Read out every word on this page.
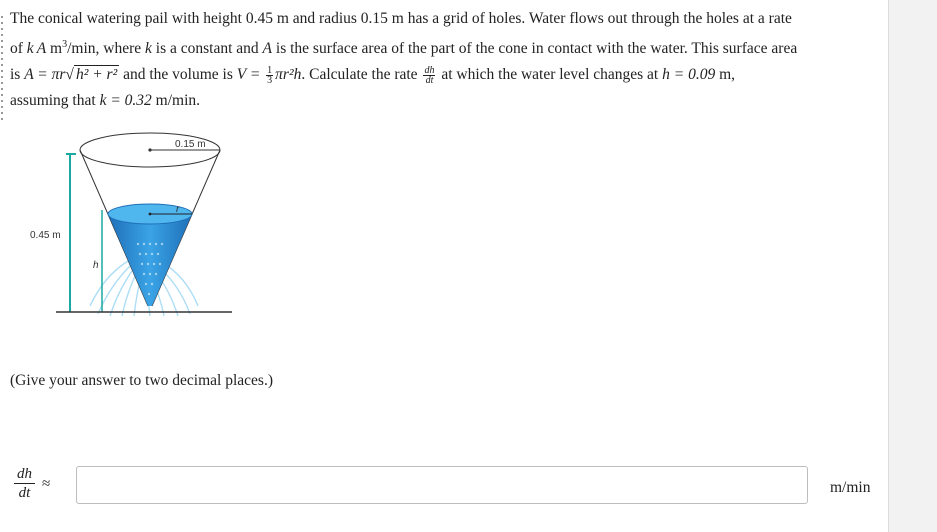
The conical watering pail with height 0.45 m and radius 0.15 m has a grid of holes. Water flows out through the holes at a rate
of k A $m^3/\min$, where k is a constant and A is the surface area of the part of the cone in contact with the water. This surface area
is A = πr√ h² + r² and the volume is $V = \frac{1}{3} \pi r^2h$. Calculate the rate $\frac{dh}{dt}$ at which the water level changes at h = 0.09 m,
assuming that k = 0.32 m/min.
0.15 m
0.45 m
h
r
(Give your answer to two decimal places.)
$\frac{dh}{dt}$ ≈	m/min
